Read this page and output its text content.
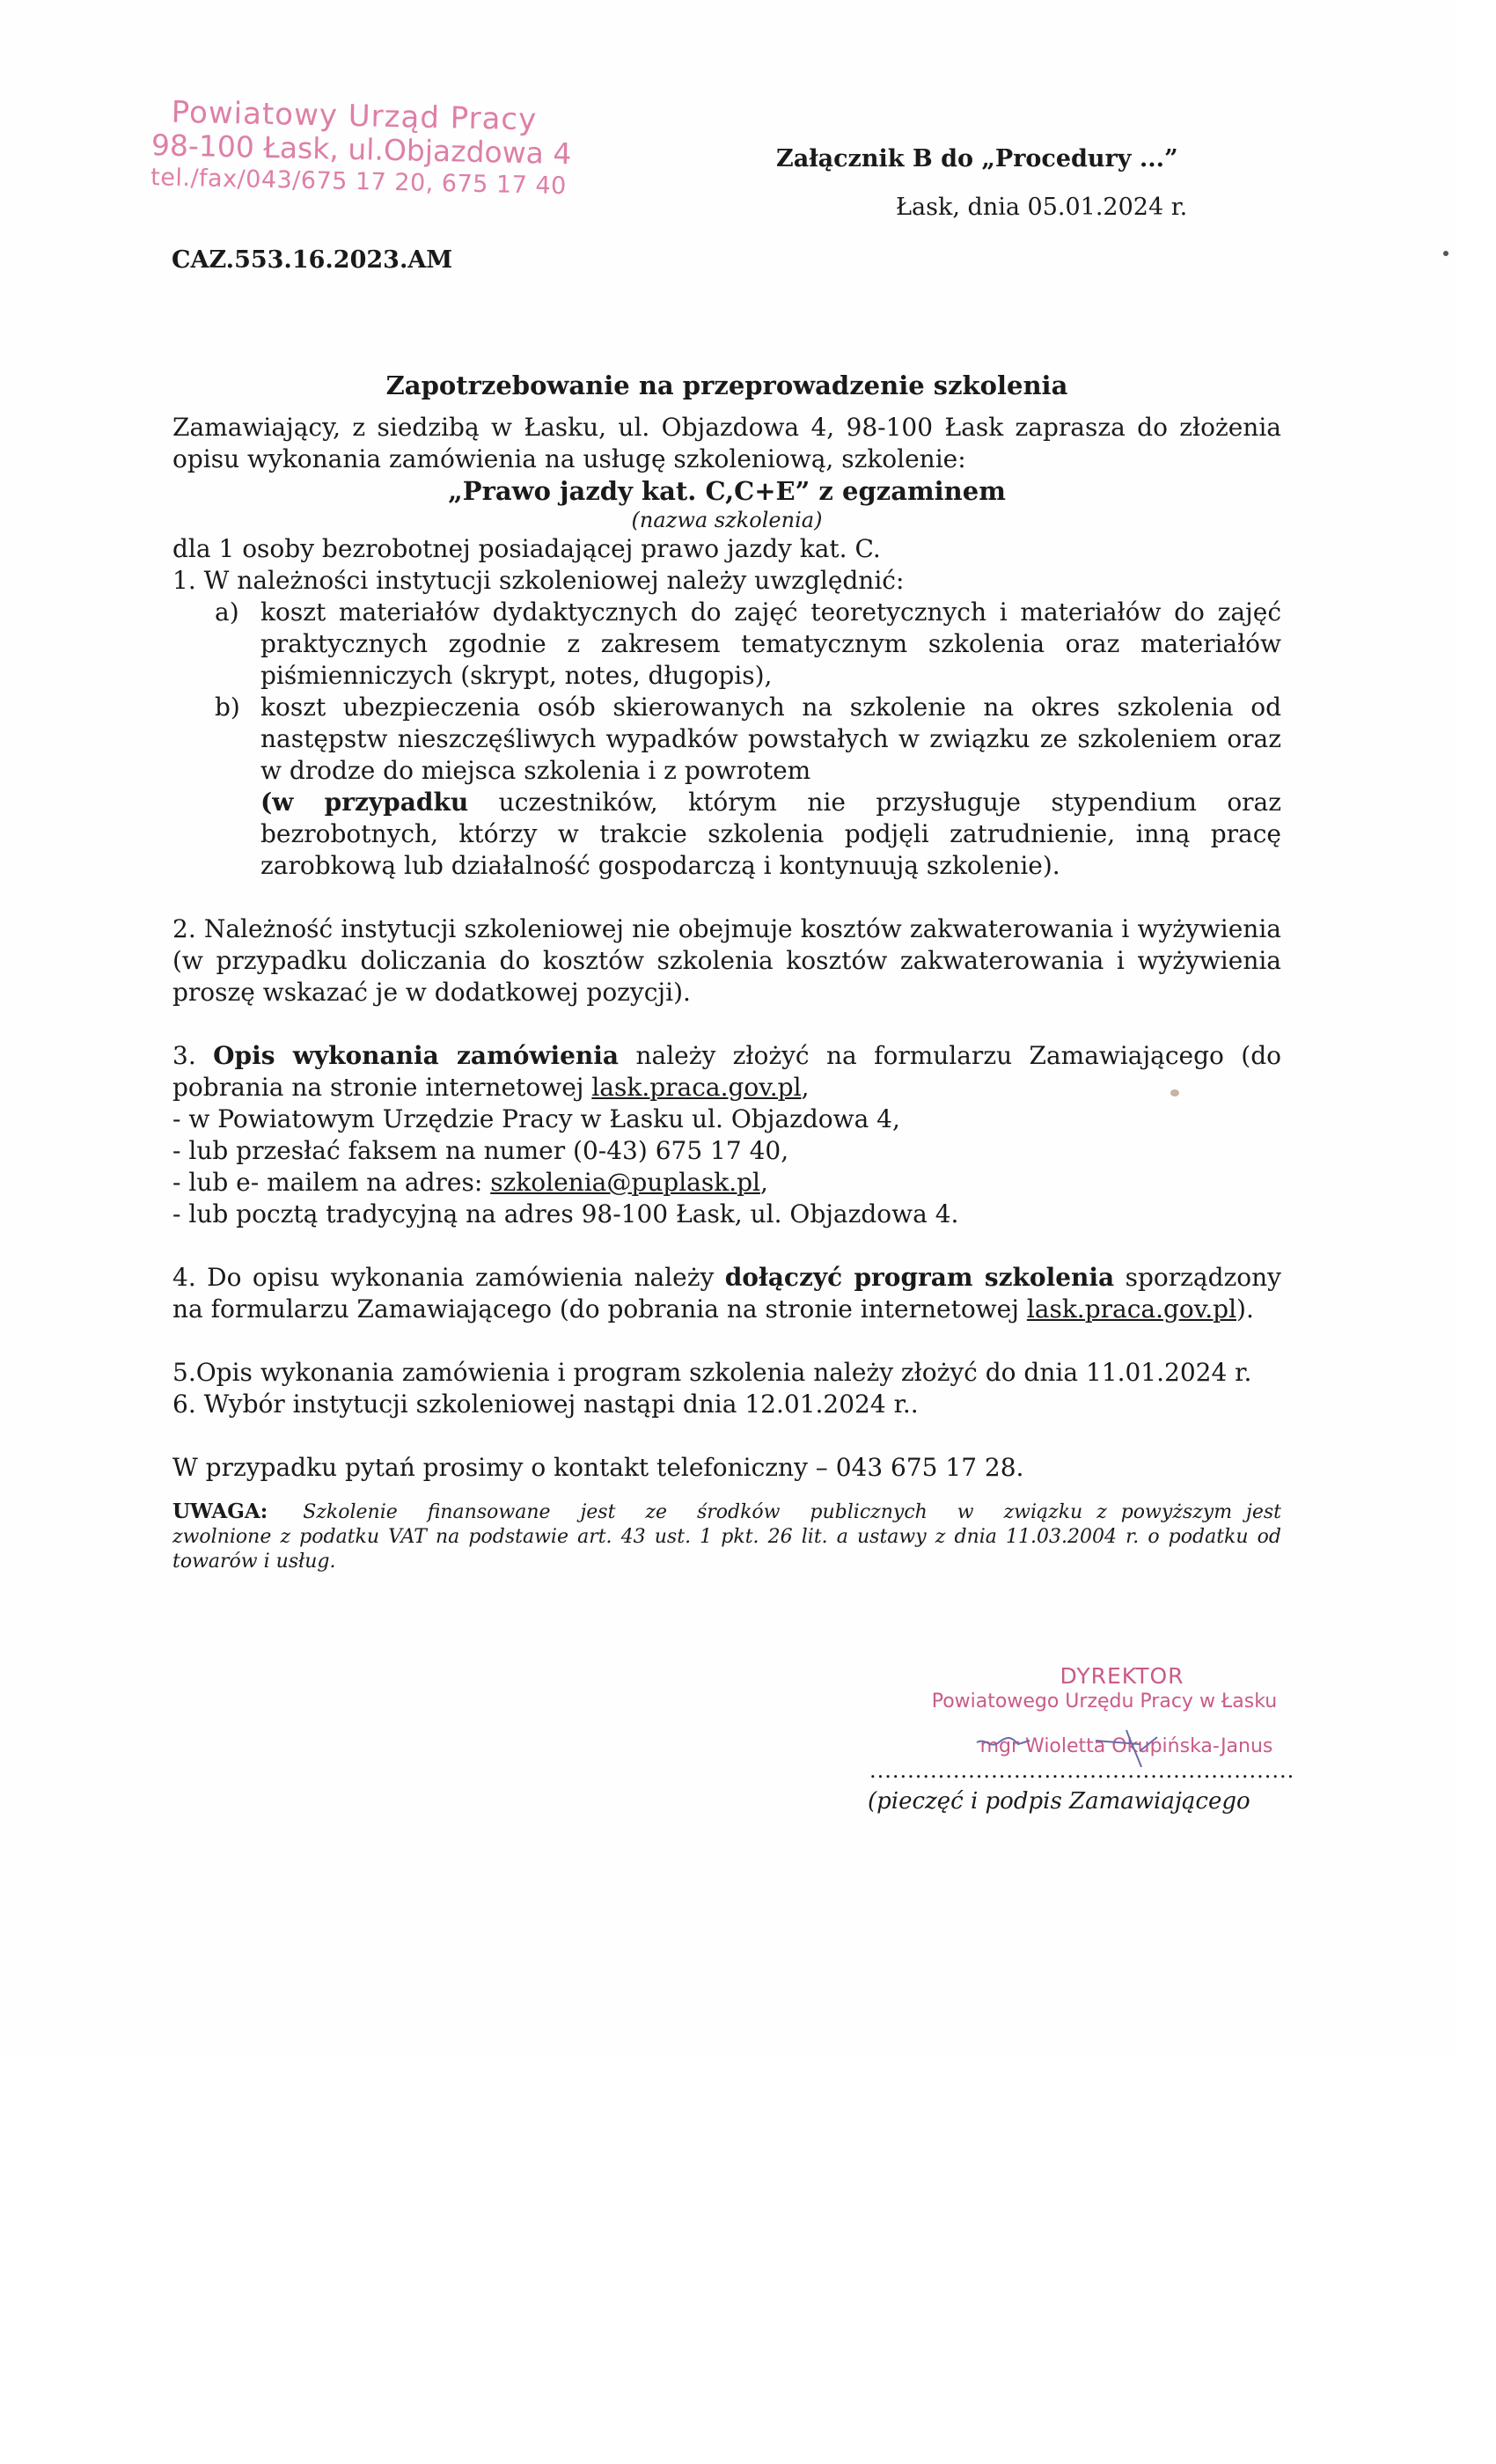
Powiatowy Urząd Pracy
98-100 Łask, ul.Objazdowa 4
tel./fax/043/675 17 20, 675 17 40
Załącznik B do „Procedury ...”
Łask, dnia 05.01.2024 r.
CAZ.553.16.2023.AM
Zapotrzebowanie na przeprowadzenie szkolenia
Zamawiający, z siedzibą w Łasku, ul. Objazdowa 4, 98-100 Łask zaprasza do złożenia opisu wykonania zamówienia na usługę szkoleniową, szkolenie:
„Prawo jazdy kat. C,C+E” z egzaminem
(nazwa szkolenia)
dla 1 osoby bezrobotnej posiadającej prawo jazdy kat. C.
1. W należności instytucji szkoleniowej należy uwzględnić:
a) koszt materiałów dydaktycznych do zajęć teoretycznych i materiałów do zajęć praktycznych zgodnie z zakresem tematycznym szkolenia oraz materiałów piśmienniczych (skrypt, notes, długopis),
b) koszt ubezpieczenia osób skierowanych na szkolenie na okres szkolenia od następstw nieszczęśliwych wypadków powstałych w związku ze szkoleniem oraz w drodze do miejsca szkolenia i z powrotem
(w przypadku uczestników, którym nie przysługuje stypendium oraz bezrobotnych, którzy w trakcie szkolenia podjęli zatrudnienie, inną pracę zarobkową lub działalność gospodarczą i kontynuują szkolenie).
2. Należność instytucji szkoleniowej nie obejmuje kosztów zakwaterowania i wyżywienia (w przypadku doliczania do kosztów szkolenia kosztów zakwaterowania i wyżywienia proszę wskazać je w dodatkowej pozycji).
3. Opis wykonania zamówienia należy złożyć na formularzu Zamawiającego (do pobrania na stronie internetowej lask.praca.gov.pl,
- w Powiatowym Urzędzie Pracy w Łasku ul. Objazdowa 4,
- lub przesłać faksem na numer (0-43) 675 17 40,
- lub e- mailem na adres: szkolenia@puplask.pl,
- lub pocztą tradycyjną na adres 98-100 Łask, ul. Objazdowa 4.
4. Do opisu wykonania zamówienia należy dołączyć program szkolenia sporządzony na formularzu Zamawiającego (do pobrania na stronie internetowej lask.praca.gov.pl).
5.Opis wykonania zamówienia i program szkolenia należy złożyć do dnia 11.01.2024 r.
6. Wybór instytucji szkoleniowej nastąpi dnia 12.01.2024 r..
W przypadku pytań prosimy o kontakt telefoniczny – 043 675 17 28.
UWAGA: Szkolenie finansowane jest ze środków publicznych w związku z powyższym jest zwolnione z podatku VAT na podstawie art. 43 ust. 1 pkt. 26 lit. a ustawy z dnia 11.03.2004 r. o podatku od towarów i usług.
DYREKTOR
Powiatowego Urzędu Pracy w Łasku
mgr Wioletta Okupińska-Janus
........................................................
(pieczęć i podpis Zamawiającego
